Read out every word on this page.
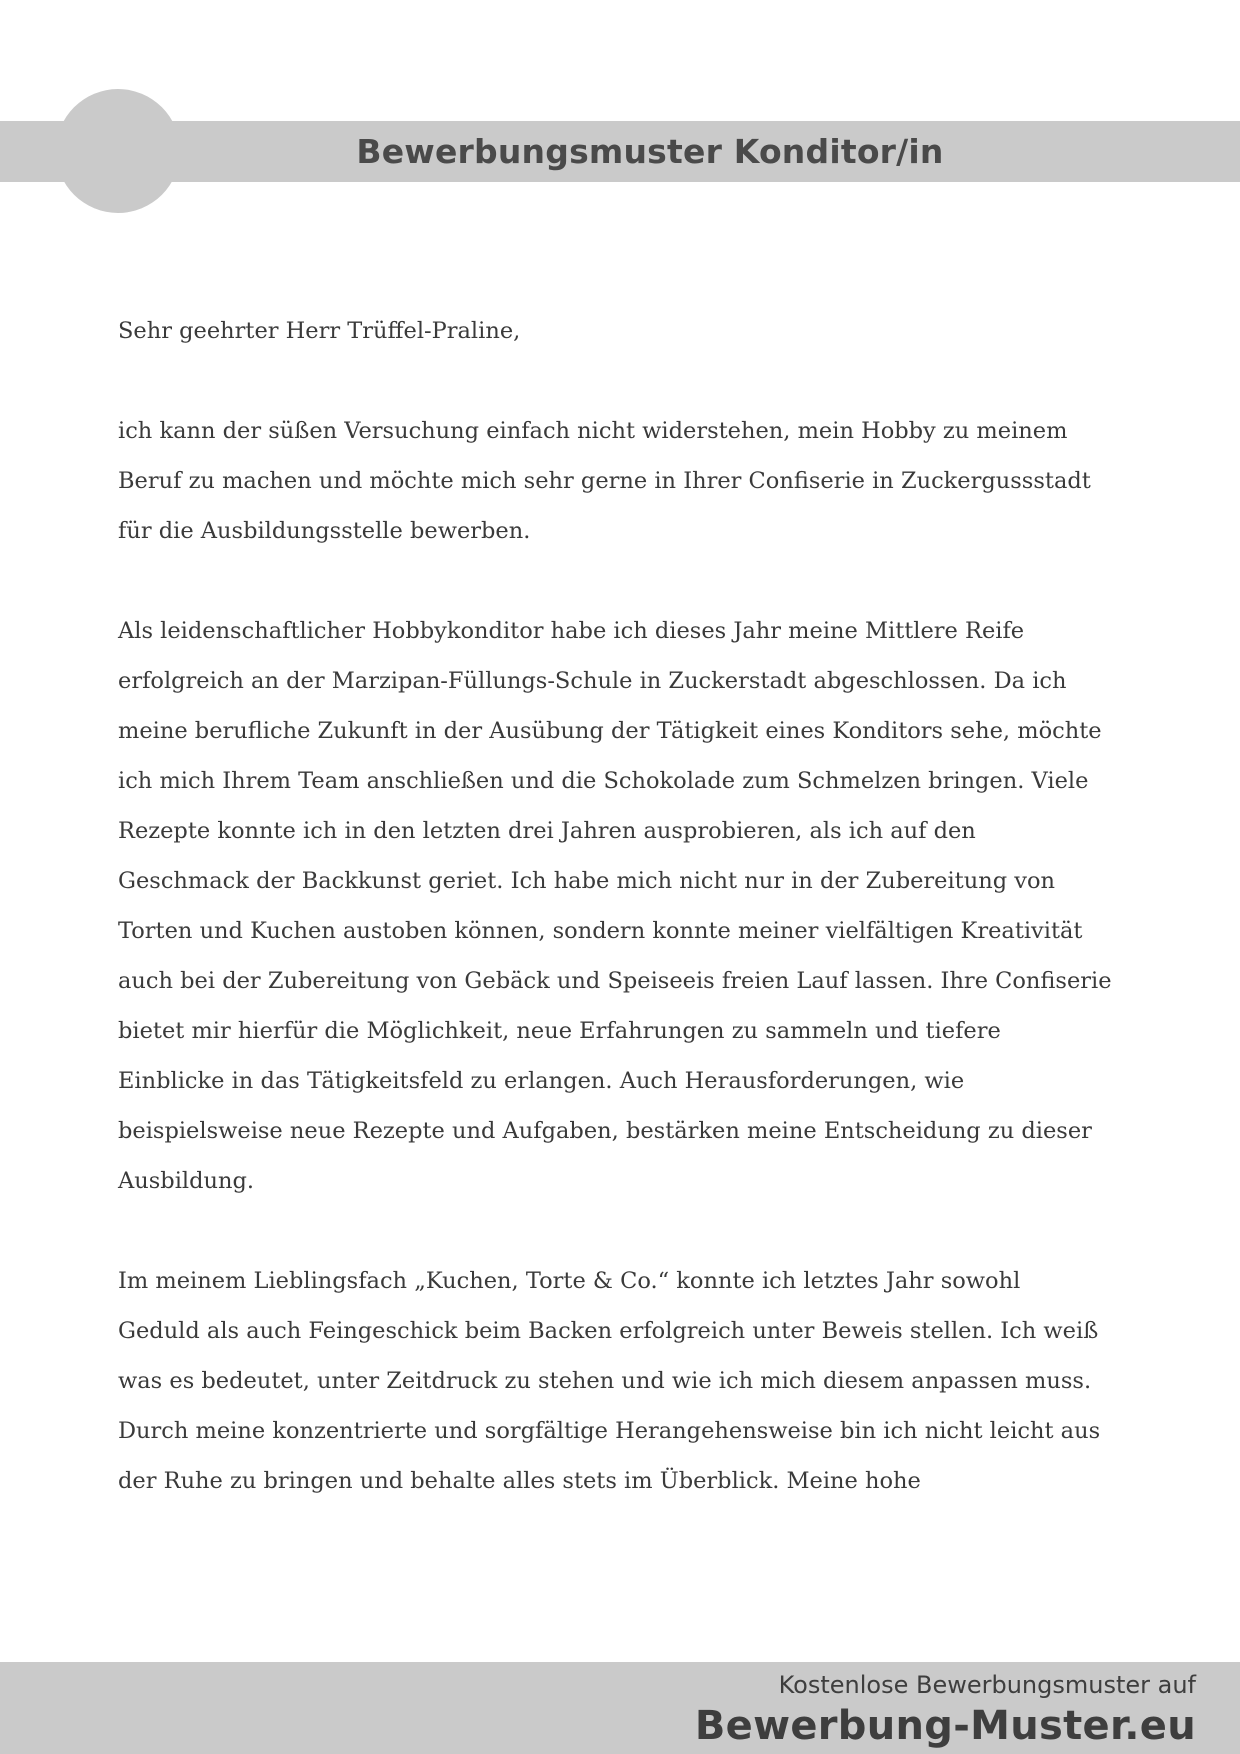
Bewerbungsmuster Konditor/in

Sehr geehrter Herr Trüffel-Praline,

ich kann der süßen Versuchung einfach nicht widerstehen, mein Hobby zu meinem
Beruf zu machen und möchte mich sehr gerne in Ihrer Confiserie in Zuckergussstadt
für die Ausbildungsstelle bewerben.

Als leidenschaftlicher Hobbykonditor habe ich dieses Jahr meine Mittlere Reife
erfolgreich an der Marzipan-Füllungs-Schule in Zuckerstadt abgeschlossen. Da ich
meine berufliche Zukunft in der Ausübung der Tätigkeit eines Konditors sehe, möchte
ich mich Ihrem Team anschließen und die Schokolade zum Schmelzen bringen. Viele
Rezepte konnte ich in den letzten drei Jahren ausprobieren, als ich auf den
Geschmack der Backkunst geriet. Ich habe mich nicht nur in der Zubereitung von
Torten und Kuchen austoben können, sondern konnte meiner vielfältigen Kreativität
auch bei der Zubereitung von Gebäck und Speiseeis freien Lauf lassen. Ihre Confiserie
bietet mir hierfür die Möglichkeit, neue Erfahrungen zu sammeln und tiefere
Einblicke in das Tätigkeitsfeld zu erlangen. Auch Herausforderungen, wie
beispielsweise neue Rezepte und Aufgaben, bestärken meine Entscheidung zu dieser
Ausbildung.

Im meinem Lieblingsfach „Kuchen, Torte & Co.“ konnte ich letztes Jahr sowohl
Geduld als auch Feingeschick beim Backen erfolgreich unter Beweis stellen. Ich weiß
was es bedeutet, unter Zeitdruck zu stehen und wie ich mich diesem anpassen muss.
Durch meine konzentrierte und sorgfältige Herangehensweise bin ich nicht leicht aus
der Ruhe zu bringen und behalte alles stets im Überblick. Meine hohe

Kostenlose Bewerbungsmuster auf
Bewerbung-Muster.eu
